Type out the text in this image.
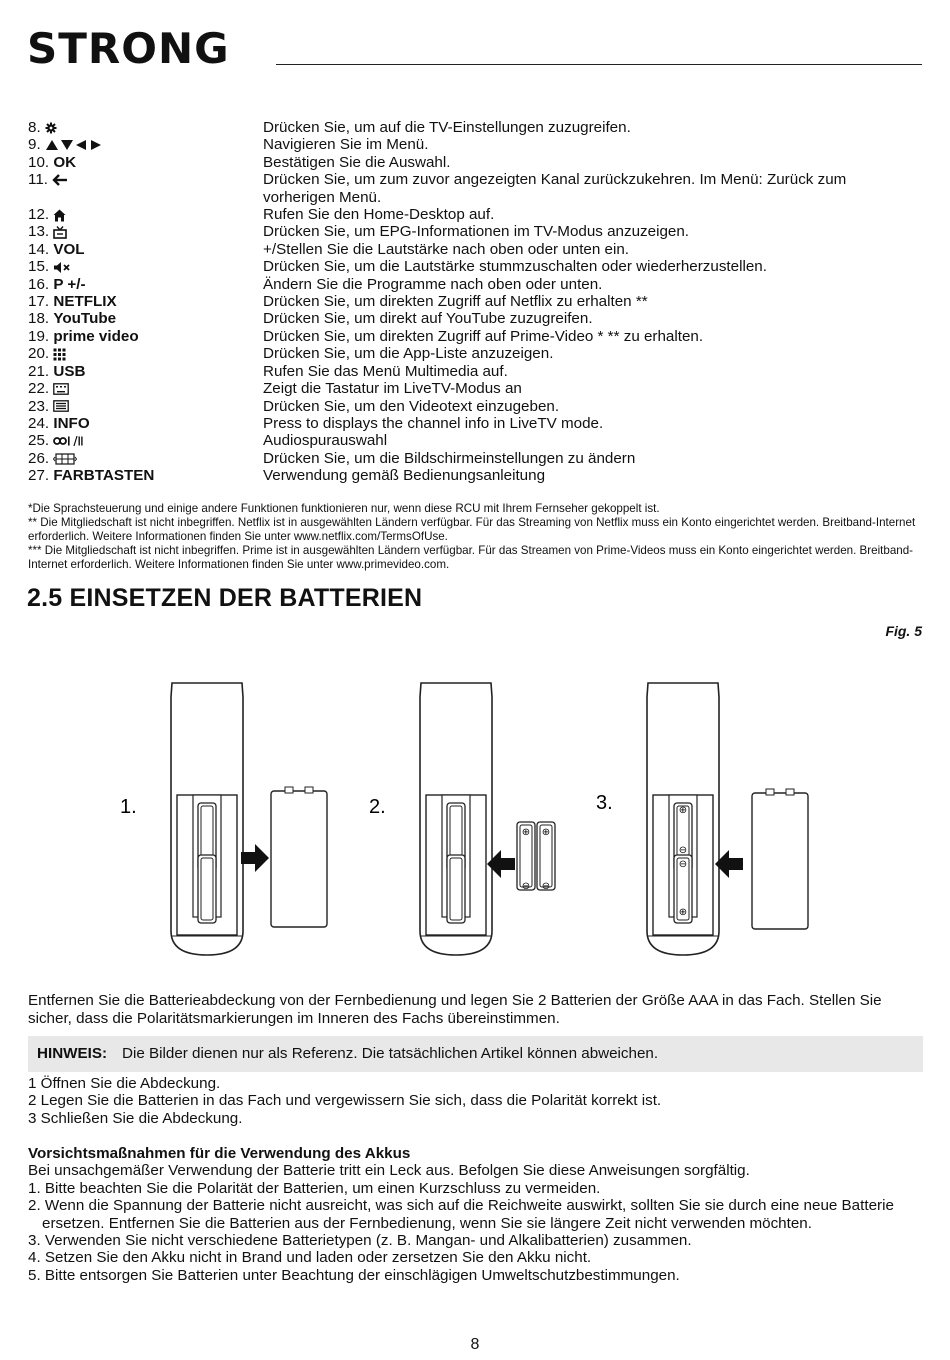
STRONG
8.	Drücken Sie, um auf die TV-Einstellungen zuzugreifen.
9.	Navigieren Sie im Menü.
10. OK	Bestätigen Sie die Auswahl.
11.	Drücken Sie, um zum zuvor angezeigten Kanal zurückzukehren. Im Menü: Zurück zum vorherigen Menü.
12.	Rufen Sie den Home-Desktop auf.
13.	Drücken Sie, um EPG-Informationen im TV-Modus anzuzeigen.
14. VOL	+/Stellen Sie die Lautstärke nach oben oder unten ein.
15.	Drücken Sie, um die Lautstärke stummzuschalten oder wiederherzustellen.
16. P +/-	Ändern Sie die Programme nach oben oder unten.
17. NETFLIX	Drücken Sie, um direkten Zugriff auf Netflix zu erhalten **
18. YouTube	Drücken Sie, um direkt auf YouTube zuzugreifen.
19. prime video	Drücken Sie, um direkten Zugriff auf Prime-Video * ** zu erhalten.
20.	Drücken Sie, um die App-Liste anzuzeigen.
21. USB	Rufen Sie das Menü Multimedia auf.
22.	Zeigt die Tastatur im LiveTV-Modus an
23.	Drücken Sie, um den Videotext einzugeben.
24. INFO	Press to displays the channel info in LiveTV mode.
25.	Audiospurauswahl
26.	Drücken Sie, um die Bildschirmeinstellungen zu ändern
27. FARBTASTEN	Verwendung gemäß Bedienungsanleitung
*Die Sprachsteuerung und einige andere Funktionen funktionieren nur, wenn diese RCU mit Ihrem Fernseher gekoppelt ist.
** Die Mitgliedschaft ist nicht inbegriffen. Netflix ist in ausgewählten Ländern verfügbar. Für das Streaming von Netflix muss ein Konto eingerichtet werden. Breitband-Internet erforderlich. Weitere Informationen finden Sie unter www.netflix.com/TermsOfUse.
*** Die Mitgliedschaft ist nicht inbegriffen. Prime ist in ausgewählten Ländern verfügbar. Für das Streamen von Prime-Videos muss ein Konto eingerichtet werden. Breitband-Internet erforderlich. Weitere Informationen finden Sie unter www.primevideo.com.
2.5 EINSETZEN DER BATTERIEN
Fig. 5
1.
⊕ ⊕
⊖ ⊖
2.	⊕
⊖
⊖
⊕
3.
Entfernen Sie die Batterieabdeckung von der Fernbedienung und legen Sie 2 Batterien der Größe AAA in das Fach. Stellen Sie sicher, dass die Polaritätsmarkierungen im Inneren des Fachs übereinstimmen.
HINWEIS: Die Bilder dienen nur als Referenz. Die tatsächlichen Artikel können abweichen.
1 Öffnen Sie die Abdeckung.
2 Legen Sie die Batterien in das Fach und vergewissern Sie sich, dass die Polarität korrekt ist.
3 Schließen Sie die Abdeckung.
Vorsichtsmaßnahmen für die Verwendung des Akkus
Bei unsachgemäßer Verwendung der Batterie tritt ein Leck aus. Befolgen Sie diese Anweisungen sorgfältig.
1. Bitte beachten Sie die Polarität der Batterien, um einen Kurzschluss zu vermeiden.
2. Wenn die Spannung der Batterie nicht ausreicht, was sich auf die Reichweite auswirkt, sollten Sie sie durch eine neue Batterie ersetzen. Entfernen Sie die Batterien aus der Fernbedienung, wenn Sie sie längere Zeit nicht verwenden möchten.
3. Verwenden Sie nicht verschiedene Batterietypen (z. B. Mangan- und Alkalibatterien) zusammen.
4. Setzen Sie den Akku nicht in Brand und laden oder zersetzen Sie den Akku nicht.
5. Bitte entsorgen Sie Batterien unter Beachtung der einschlägigen Umweltschutzbestimmungen.
8
